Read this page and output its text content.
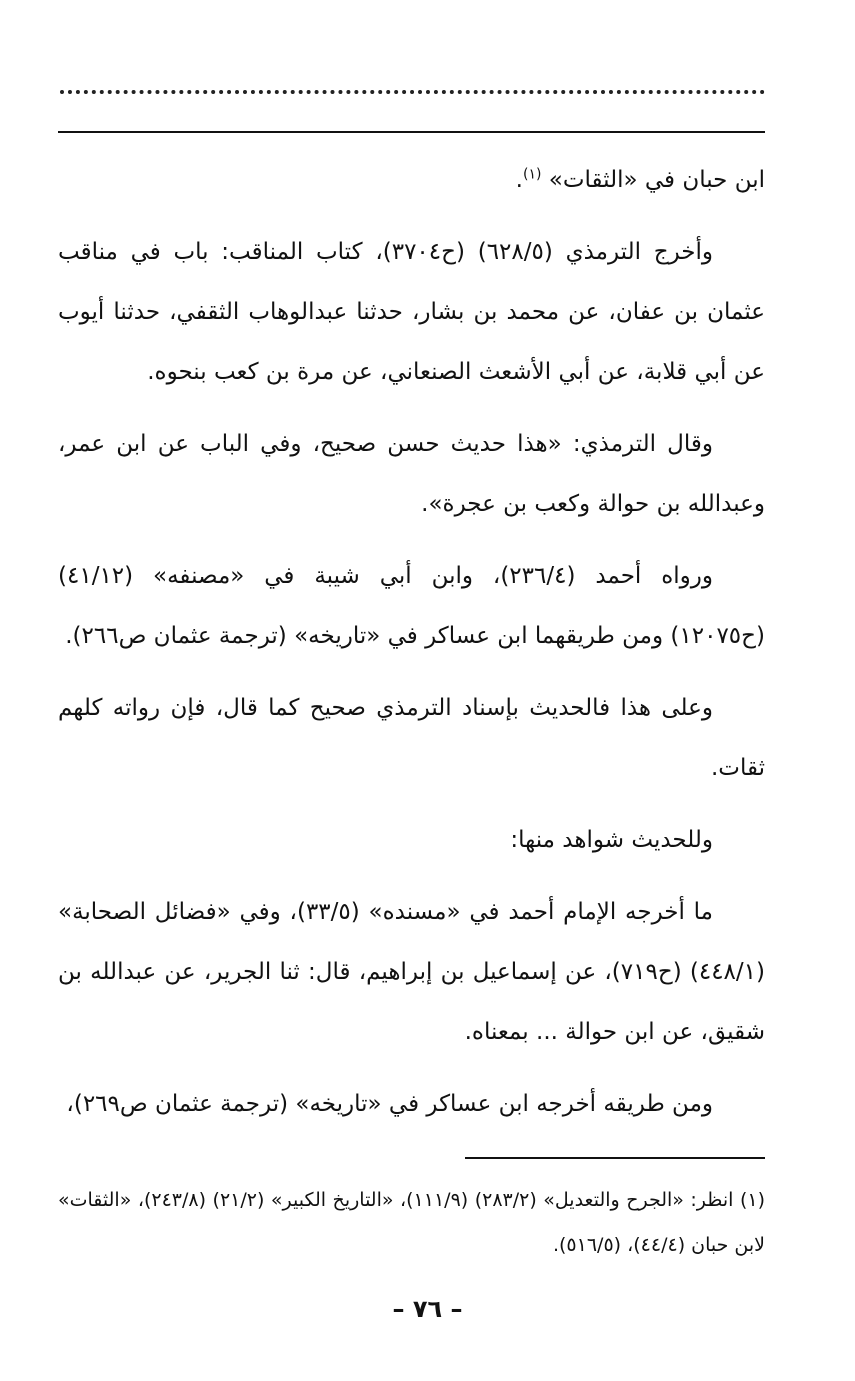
ابن حبان في «الثقات» $^{(١)}$.

وأخرج الترمذي (٦٢٨/٥) (ح٣٧٠٤)، كتاب المناقب: باب في مناقب عثمان بن عفان، عن محمد بن بشار، حدثنا عبدالوهاب الثقفي، حدثنا أيوب عن أبي قلابة، عن أبي الأشعث الصنعاني، عن مرة بن كعب بنحوه.

وقال الترمذي: «هذا حديث حسن صحيح، وفي الباب عن ابن عمر، وعبدالله بن حوالة وكعب بن عجرة».

ورواه أحمد (٢٣٦/٤)، وابن أبي شيبة في «مصنفه» (٤١/١٢) (ح١٢٠٧٥) ومن طريقهما ابن عساكر في «تاريخه» (ترجمة عثمان ص٢٦٦).

وعلى هذا فالحديث بإسناد الترمذي صحيح كما قال، فإن رواته كلهم ثقات.

وللحديث شواهد منها:

ما أخرجه الإمام أحمد في «مسنده» (٣٣/٥)، وفي «فضائل الصحابة» (٤٤٨/١) (ح٧١٩)، عن إسماعيل بن إبراهيم، قال: ثنا الجرير، عن عبدالله بن شقيق، عن ابن حوالة ... بمعناه.

ومن طريقه أخرجه ابن عساكر في «تاريخه» (ترجمة عثمان ص٢٦٩)،

(١) انظر: «الجرح والتعديل» (٢٨٣/٢) (١١١/٩)، «التاريخ الكبير» (٢١/٢) (٢٤٣/٨)، «الثقات» لابن حبان (٤٤/٤)، (٥١٦/٥).

– ٧٦ –
